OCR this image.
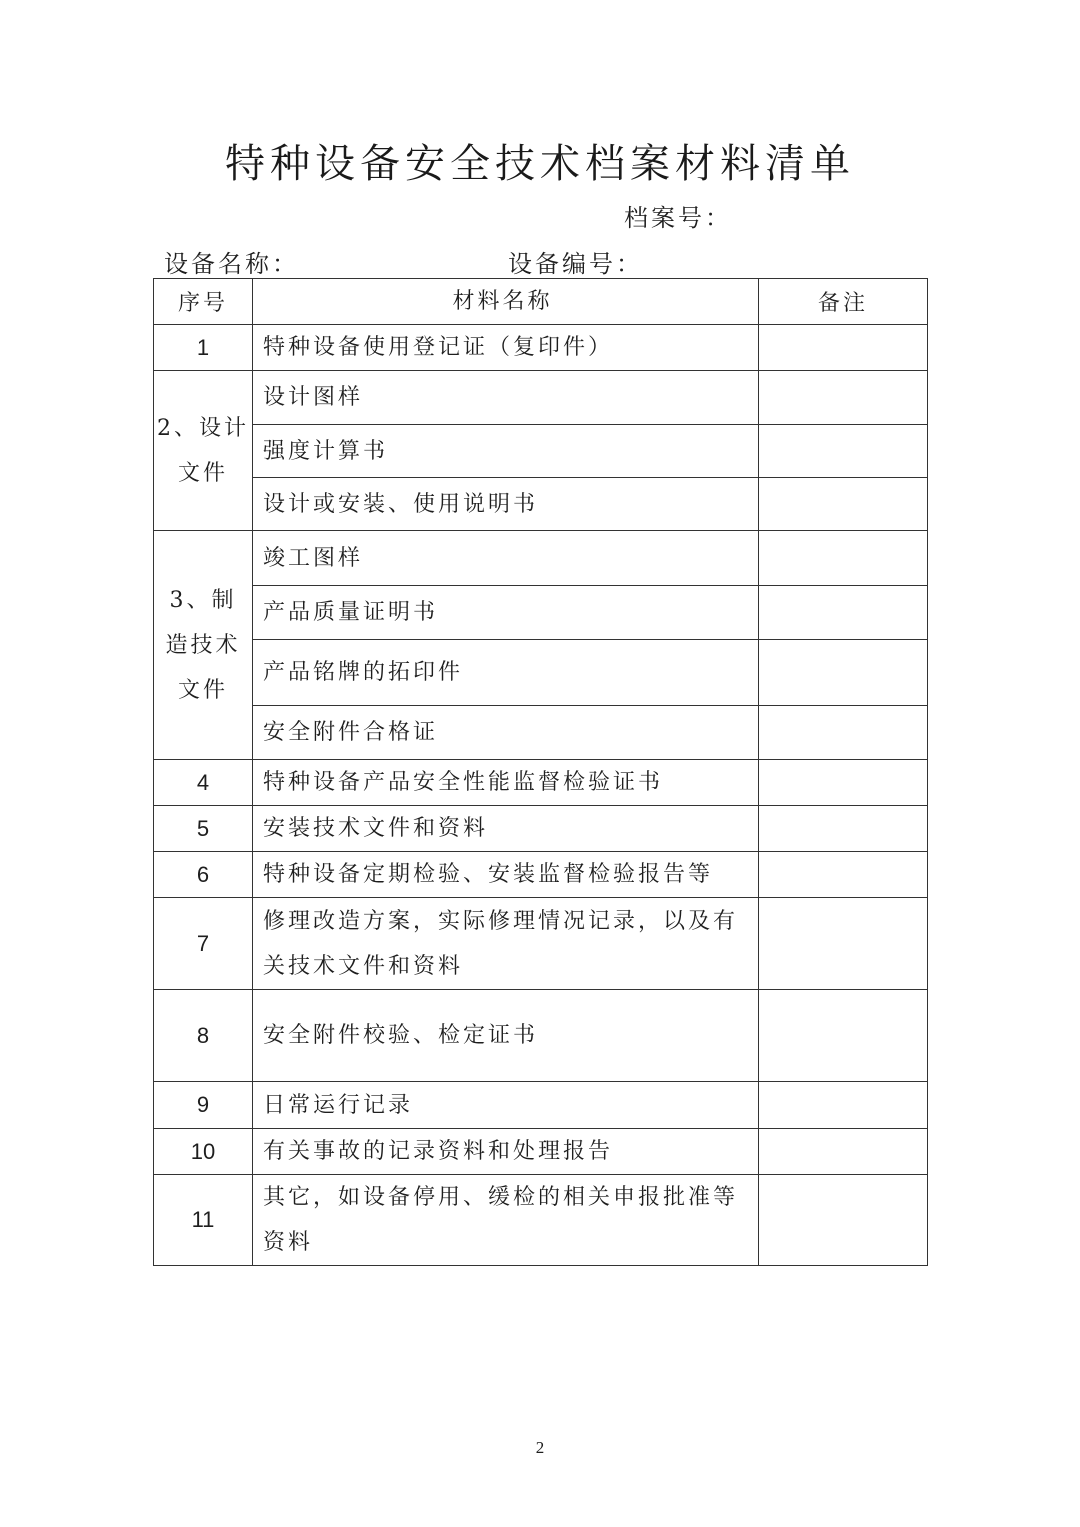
特种设备安全技术档案材料清单
档案号：
设备名称：	设备编号：
序号	材料名称	备注
1	特种设备使用登记证（复印件）	

2、设计
文件	设计图样	
	强度计算书	
	设计或安装、使用说明书	

3、制
造技术
文件	竣工图样	
	产品质量证明书	
	产品铭牌的拓印件	
	安全附件合格证	
4	特种设备产品安全性能监督检验证书	
5	安装技术文件和资料	
6	特种设备定期检验、安装监督检验报告等	
7	修理改造方案，实际修理情况记录，以及有关技术文件和资料	
8	安全附件校验、检定证书	
9	日常运行记录	
10	有关事故的记录资料和处理报告	
11	其它，如设备停用、缓检的相关申报批准等资料	
2
